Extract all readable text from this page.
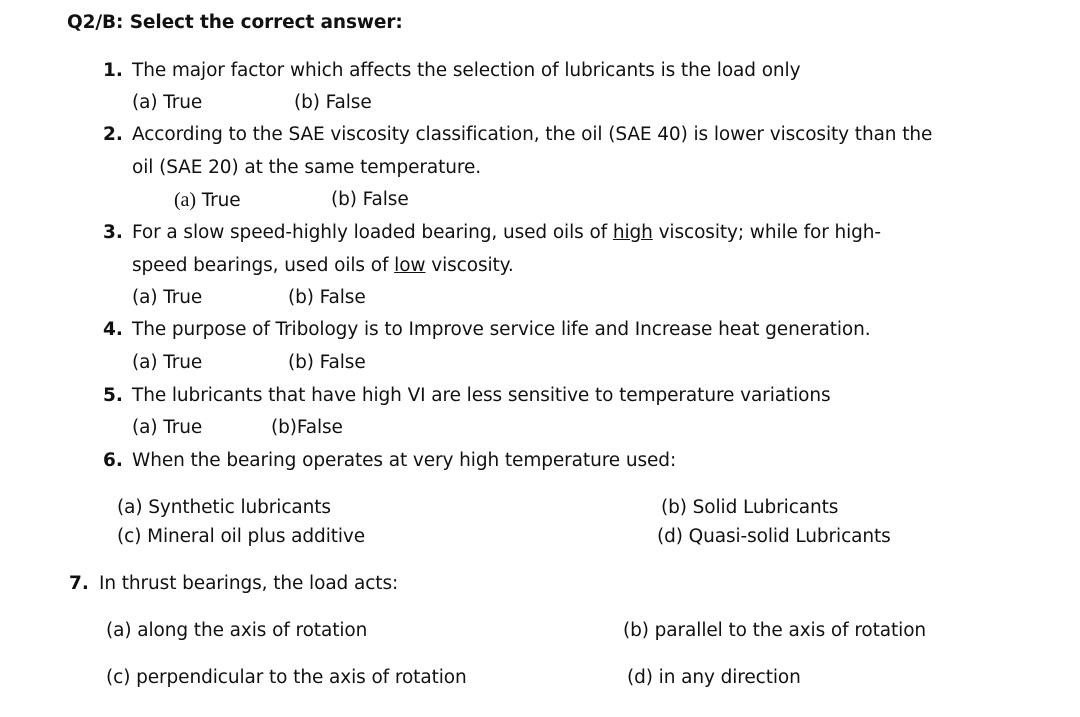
Q2/B: Select the correct answer:
1. The major factor which affects the selection of lubricants is the load only
(a) True	(b) False
2. According to the SAE viscosity classification, the oil (SAE 40) is lower viscosity than the
oil (SAE 20) at the same temperature.
(a) True	(b) False
3. For a slow speed-highly loaded bearing, used oils of high viscosity; while for high-
speed bearings, used oils of low viscosity.
(a) True	(b) False
4. The purpose of Tribology is to Improve service life and Increase heat generation.
(a) True	(b) False
5. The lubricants that have high VI are less sensitive to temperature variations
(a) True	(b)False
6. When the bearing operates at very high temperature used:
(a) Synthetic lubricants	(b) Solid Lubricants
(c) Mineral oil plus additive	(d) Quasi-solid Lubricants
7. In thrust bearings, the load acts:
(a) along the axis of rotation	(b) parallel to the axis of rotation
(c) perpendicular to the axis of rotation	(d) in any direction
